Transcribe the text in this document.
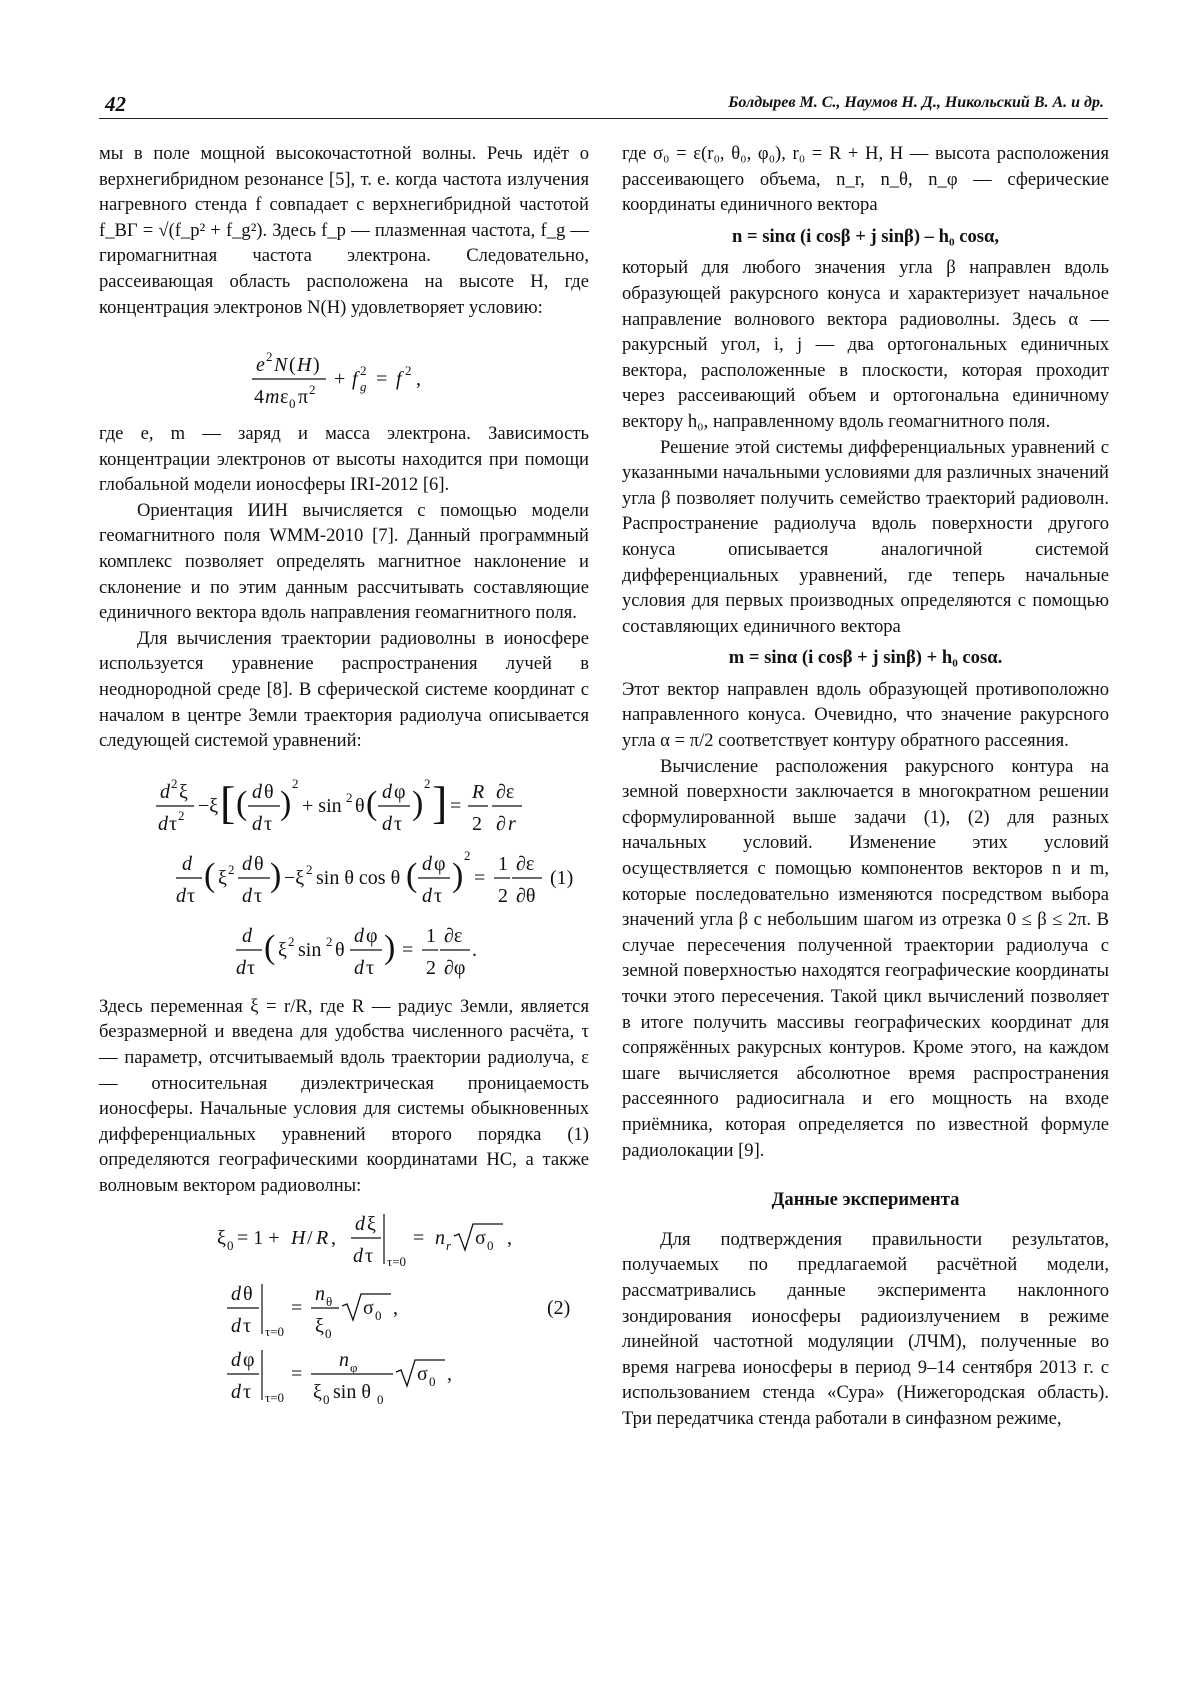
42	Болдырев М. С., Наумов Н. Д., Никольский В. А. и др.

мы в поле мощной высокочастотной волны. Речь идёт о верхнегибридном резонансе [5], т. е. когда частота излучения нагревного стенда f совпадает с верхнегибридной частотой f_ВГ = √(f_p² + f_g²). Здесь f_p — плазменная частота, f_g — гиромагнитная частота электрона. Следовательно, рассеивающая область расположена на высоте H, где концентрация электронов N(H) удовлетворяет условию:

e 2 N ( H )
4 m ε 0 π 2 + f g
2 = f 2 ,

где e, m — заряд и масса электрона. Зависимость концентрации электронов от высоты находится при помощи глобальной модели ионосферы IRI-2012 [6].

Ориентация ИИН вычисляется с помощью модели геомагнитного поля WMM-2010 [7]. Данный программный комплекс позволяет определять магнитное наклонение и склонение и по этим данным рассчитывать составляющие единичного вектора вдоль направления геомагнитного поля.

Для вычисления траектории радиоволны в ионосфере используется уравнение распространения лучей в неоднородной среде [8]. В сферической системе координат с началом в центре Земли траектория радиолуча описывается следующей системой уравнений:

d 2 ξ
d τ 2 −ξ [ ( d θ
d τ
)
2
+ sin 2 θ ( d φ
d τ
)
2 ] =
R
2
∂ε
∂ r
d
d τ
( ξ 2 d θ
d τ
) −ξ 2 sin θ cos θ ( d φ
d τ
)
2
=
1
2
∂ε
∂θ
(1)
d
d τ
( ξ 2 sin 2 θ
d φ
d τ
) =
1
2
∂ε
∂φ
.

Здесь переменная ξ = r/R, где R — радиус Земли, является безразмерной и введена для удобства численного расчёта, τ — параметр, отсчитываемый вдоль траектории радиолуча, ε — относительная диэлектрическая проницаемость ионосферы. Начальные условия для системы обыкновенных дифференциальных уравнений второго порядка (1) определяются географическими координатами НС, а также волновым вектором радиоволны:

ξ 0 = 1 + H / R ,
d ξ
d τ τ=0
= n r σ 0 ,
d θ
d τ τ=0
=
n θ
ξ 0
σ 0 ,	(2)
d φ
d τ τ=0
=
n φ
ξ 0 sin θ 0
σ 0 ,

где σ₀ = ε(r₀, θ₀, φ₀), r₀ = R + H, H — высота расположения рассеивающего объема, n_r, n_θ, n_φ — сферические координаты единичного вектора

n = sinα (i cosβ + j sinβ) – h₀ cosα,

который для любого значения угла β направлен вдоль образующей ракурсного конуса и характеризует начальное направление волнового вектора радиоволны. Здесь α — ракурсный угол, i, j — два ортогональных единичных вектора, расположенные в плоскости, которая проходит через рассеивающий объем и ортогональна единичному вектору h₀, направленному вдоль геомагнитного поля.

Решение этой системы дифференциальных уравнений с указанными начальными условиями для различных значений угла β позволяет получить семейство траекторий радиоволн. Распространение радиолуча вдоль поверхности другого конуса описывается аналогичной системой дифференциальных уравнений, где теперь начальные условия для первых производных определяются с помощью составляющих единичного вектора

m = sinα (i cosβ + j sinβ) + h₀ cosα.

Этот вектор направлен вдоль образующей противоположно направленного конуса. Очевидно, что значение ракурсного угла α = π/2 соответствует контуру обратного рассеяния.

Вычисление расположения ракурсного контура на земной поверхности заключается в многократном решении сформулированной выше задачи (1), (2) для разных начальных условий. Изменение этих условий осуществляется с помощью компонентов векторов n и m, которые последовательно изменяются посредством выбора значений угла β с небольшим шагом из отрезка 0 ≤ β ≤ 2π. В случае пересечения полученной траектории радиолуча с земной поверхностью находятся географические координаты точки этого пересечения. Такой цикл вычислений позволяет в итоге получить массивы географических координат для сопряжённых ракурсных контуров. Кроме этого, на каждом шаге вычисляется абсолютное время распространения рассеянного радиосигнала и его мощность на входе приёмника, которая определяется по известной формуле радиолокации [9].

Данные эксперимента

Для подтверждения правильности результатов, получаемых по предлагаемой расчётной модели, рассматривались данные эксперимента наклонного зондирования ионосферы радиоизлучением в режиме линейной частотной модуляции (ЛЧМ), полученные во время нагрева ионосферы в период 9–14 сентября 2013 г. с использованием стенда «Сура» (Нижегородская область). Три передатчика стенда работали в синфазном режиме,
